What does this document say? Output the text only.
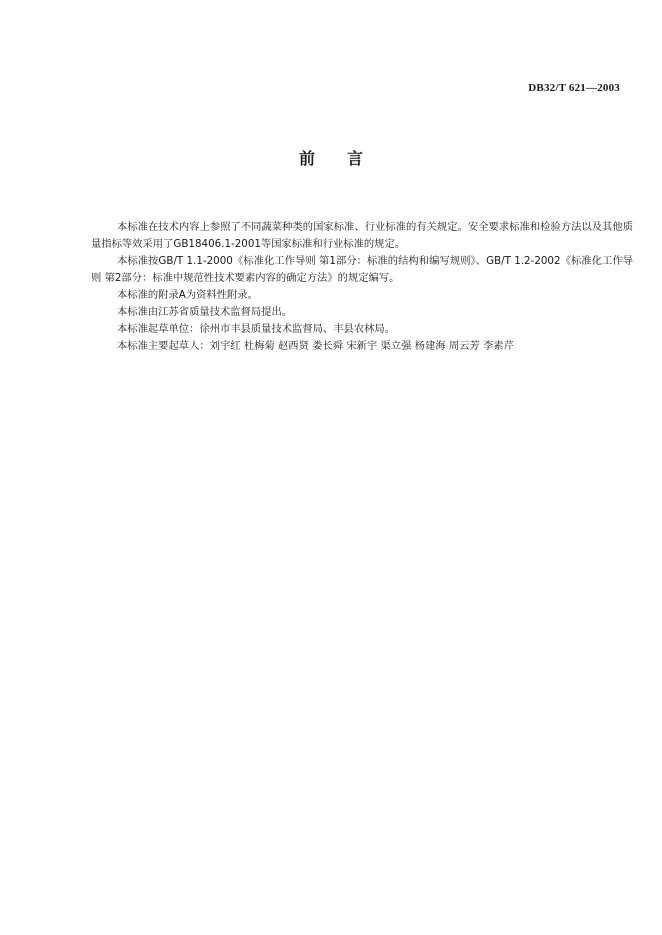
DB32/T 621—2003
前　　言

本标准在技术内容上参照了不同蔬菜种类的国家标准、行业标准的有关规定。安全要求标准和检验方法以及其他质量指标等效采用了GB18406.1-2001等国家标准和行业标准的规定。

本标准按GB/T 1.1-2000《标准化工作导则 第1部分：标准的结构和编写规则》、GB/T 1.2-2002《标准化工作导则 第2部分：标准中规范性技术要素内容的确定方法》的规定编写。

本标准的附录A为资料性附录。

本标准由江苏省质量技术监督局提出。

本标准起草单位：徐州市丰县质量技术监督局、丰县农林局。

本标准主要起草人：刘宇红 杜梅菊 赵西贤 娄长舜 宋新宇 渠立强 杨建海 周云芳 李素芹
